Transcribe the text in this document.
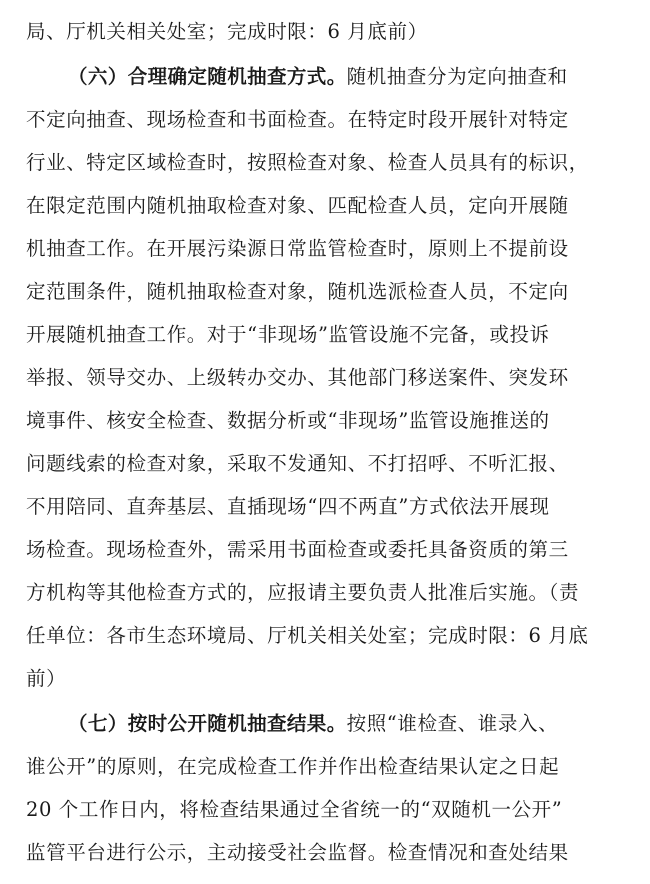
局、厅机关相关处室；完成时限：6 月底前）
（六）合理确定随机抽查方式。随机抽查分为定向抽查和
不定向抽查、现场检查和书面检查。在特定时段开展针对特定
行业、特定区域检查时，按照检查对象、检查人员具有的标识，
在限定范围内随机抽取检查对象、匹配检查人员，定向开展随
机抽查工作。在开展污染源日常监管检查时，原则上不提前设
定范围条件，随机抽取检查对象，随机选派检查人员，不定向
开展随机抽查工作。对于“非现场”监管设施不完备，或投诉
举报、领导交办、上级转办交办、其他部门移送案件、突发环
境事件、核安全检查、数据分析或“非现场”监管设施推送的
问题线索的检查对象，采取不发通知、不打招呼、不听汇报、
不用陪同、直奔基层、直插现场“四不两直”方式依法开展现
场检查。现场检查外，需采用书面检查或委托具备资质的第三
方机构等其他检查方式的，应报请主要负责人批准后实施。（责
任单位：各市生态环境局、厅机关相关处室；完成时限：6 月底
前）
（七）按时公开随机抽查结果。按照“谁检查、谁录入、
谁公开”的原则，在完成检查工作并作出检查结果认定之日起
20 个工作日内，将检查结果通过全省统一的“双随机一公开”
监管平台进行公示，主动接受社会监督。检查情况和查处结果
